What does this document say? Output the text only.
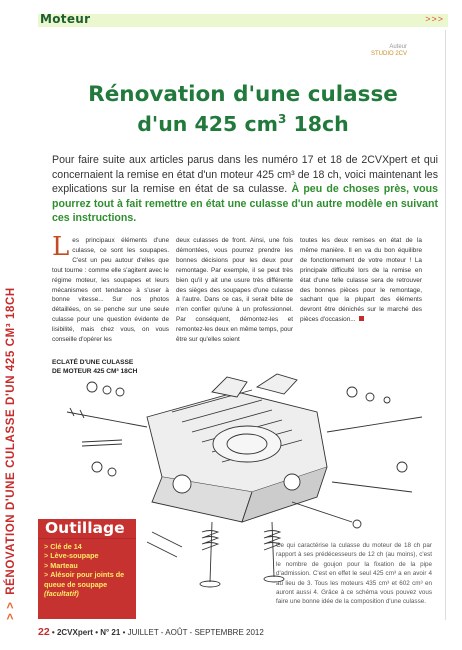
Moteur	>>>
> > RÉNOVATION D'UNE CULASSE D'UN 425 CM³ 18CH
Auteur
STUDIO 2CV
Rénovation d'une culasse
d'un 425 $cm^3$ 18ch
Pour faire suite aux articles parus dans les numéro 17 et 18 de 2CVXpert et qui concernaient la remise en état d'un moteur 425 cm³ de 18 ch, voici maintenant les explications sur la remise en état de sa culasse. À peu de choses près, vous pourrez tout à fait remettre en état une culasse d'un autre modèle en suivant ces instructions.
Les principaux éléments d'une culasse, ce sont les soupapes. C'est un peu autour d'elles que tout tourne : comme elle s'agitent avec le régime moteur, les soupapes et leurs mécanismes ont tendance à s'user à bonne vitesse... Sur nos photos détaillées, on se penche sur une seule culasse pour une question évidente de lisibilité, mais chez vous, on vous conseille d'opérer les
deux culasses de front. Ainsi, une fois démontées, vous pourrez prendre les bonnes décisions pour les deux pour remontage. Par exemple, il se peut très bien qu'il y ait une usure très différente des sièges des soupapes d'une culasse à l'autre. Dans ce cas, il serait bête de n'en confier qu'une à un professionnel. Par conséquent, démontez-les et remontez-les deux en même temps, pour être sur qu'elles soient
toutes les deux remises en état de la même manière. Il en va du bon équilibre de fonctionnement de votre moteur ! La principale difficulté lors de la remise en état d'une telle culasse sera de retrouver des bonnes pièces pour le remontage, sachant que la plupart des éléments devront être dénichés sur le marché des pièces d'occasion...
ECLATÉ D'UNE CULASSE
DE MOTEUR 425 CM³ 18CH
Outillage
> Clé de 14
> Lève-soupape
> Marteau
> Alésoir pour joints de queue de soupape (facultatif)
Ce qui caractérise la culasse du moteur de 18 ch par rapport à ses prédécesseurs de 12 ch (au moins), c'est le nombre de goujon pour la fixation de la pipe d'admission. C'est en effet le seul 425 cm³ a en avoir 4 au lieu de 3. Tous les moteurs 435 cm³ et 602 cm³ en auront aussi 4. Grâce à ce schéma vous pouvez vous faire une bonne idée de la composition d'une culasse.
22 • 2CVXpert • N° 21 • JUILLET - AOÛT - SEPTEMBRE 2012
